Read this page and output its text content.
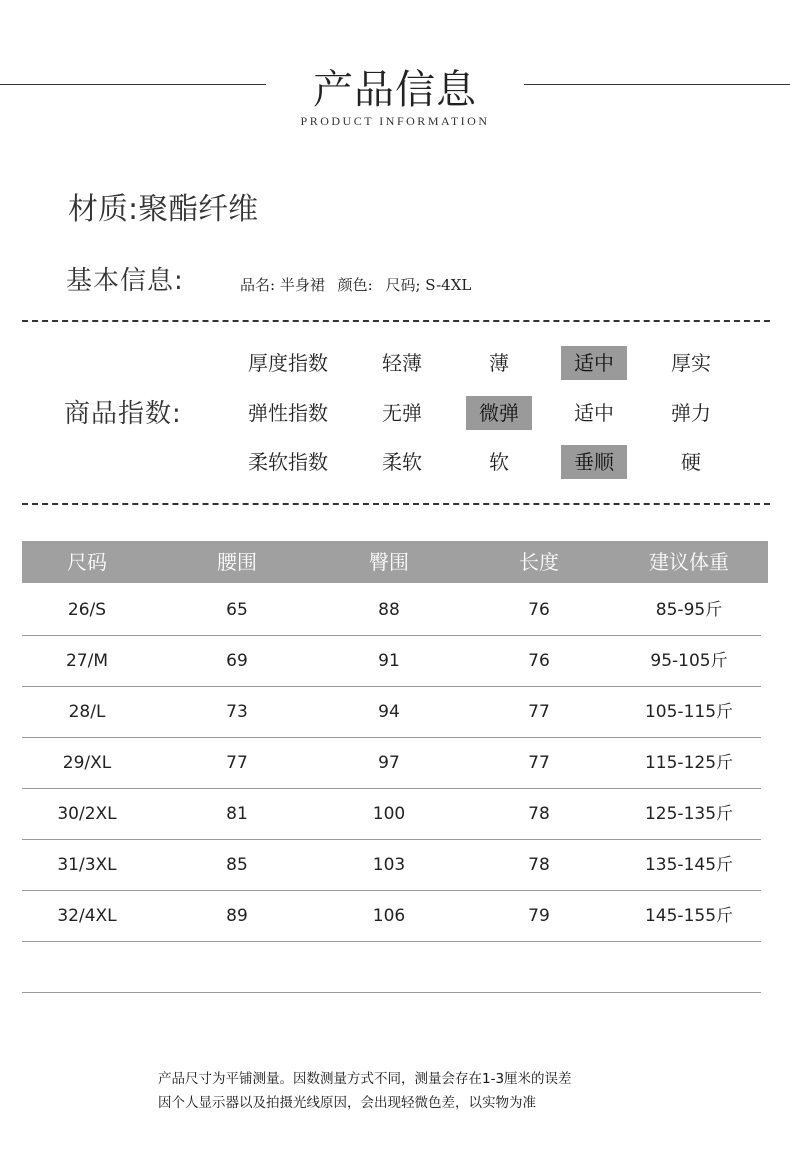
产品信息
PRODUCT INFORMATION
材质:聚酯纤维
基本信息:	品名: 半身裙 颜色: 尺码; S-4XL
商品指数:
厚度指数	轻薄	薄	适中	厚实
弹性指数	无弹	微弹	适中	弹力
柔软指数	柔软	软	垂顺	硬
尺码	腰围	臀围	长度	建议体重
26/S	65	88	76	85-95斤
27/M	69	91	76	95-105斤
28/L	73	94	77	105-115斤
29/XL	77	97	77	115-125斤
30/2XL	81	100	78	125-135斤
31/3XL	85	103	78	135-145斤
32/4XL	89	106	79	145-155斤
产品尺寸为平铺测量。因数测量方式不同，测量会存在1-3厘米的误差
因个人显示器以及拍摄光线原因，会出现轻微色差，以实物为准
